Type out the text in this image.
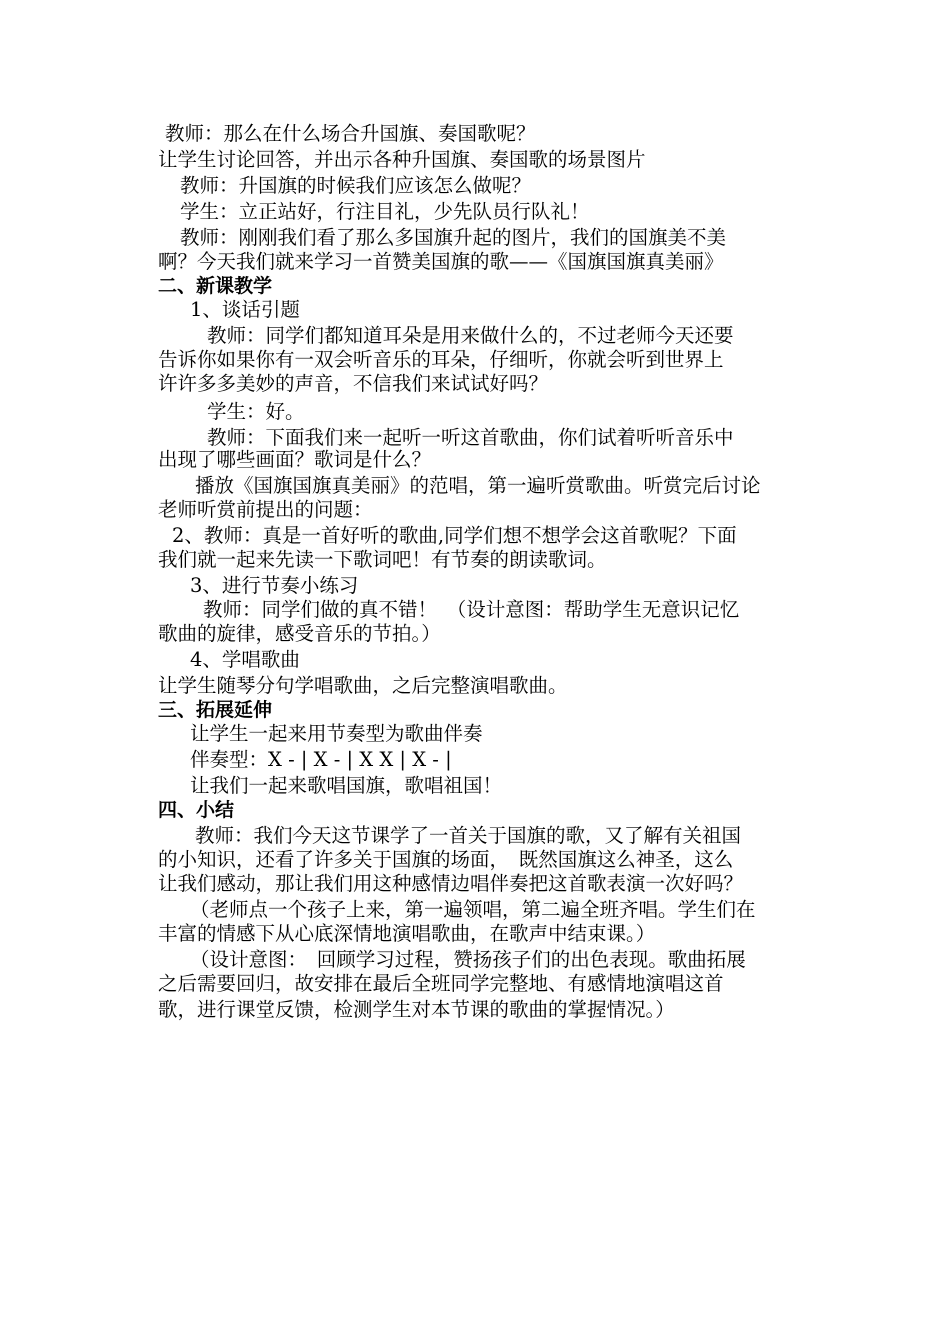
教师：那么在什么场合升国旗、奏国歌呢？
让学生讨论回答，并出示各种升国旗、奏国歌的场景图片
教师：升国旗的时候我们应该怎么做呢？
学生：立正站好，行注目礼，少先队员行队礼！
教师：刚刚我们看了那么多国旗升起的图片，我们的国旗美不美
啊？今天我们就来学习一首赞美国旗的歌——《国旗国旗真美丽》
二、新课教学
1、谈话引题
教师：同学们都知道耳朵是用来做什么的，不过老师今天还要
告诉你如果你有一双会听音乐的耳朵，仔细听，你就会听到世界上
许许多多美妙的声音，不信我们来试试好吗？
学生：好。
教师：下面我们来一起听一听这首歌曲，你们试着听听音乐中
出现了哪些画面？歌词是什么？
播放《国旗国旗真美丽》的范唱，第一遍听赏歌曲。听赏完后讨论
老师听赏前提出的问题：
2、教师：真是一首好听的歌曲,同学们想不想学会这首歌呢？下面
我们就一起来先读一下歌词吧！有节奏的朗读歌词。
3、进行节奏小练习
教师：同学们做的真不错！　（设计意图：帮助学生无意识记忆
歌曲的旋律，感受音乐的节拍。）
4、学唱歌曲
让学生随琴分句学唱歌曲，之后完整演唱歌曲。
三、拓展延伸
让学生一起来用节奏型为歌曲伴奏
伴奏型：X - | X - | X X | X - |
让我们一起来歌唱国旗，歌唱祖国！
四、小结
教师：我们今天这节课学了一首关于国旗的歌，又了解有关祖国
的小知识，还看了许多关于国旗的场面，　既然国旗这么神圣，这么
让我们感动，那让我们用这种感情边唱伴奏把这首歌表演一次好吗？
（老师点一个孩子上来，第一遍领唱，第二遍全班齐唱。学生们在
丰富的情感下从心底深情地演唱歌曲，在歌声中结束课。）
（设计意图：　回顾学习过程，赞扬孩子们的出色表现。歌曲拓展
之后需要回归，故安排在最后全班同学完整地、有感情地演唱这首
歌，进行课堂反馈，检测学生对本节课的歌曲的掌握情况。）
